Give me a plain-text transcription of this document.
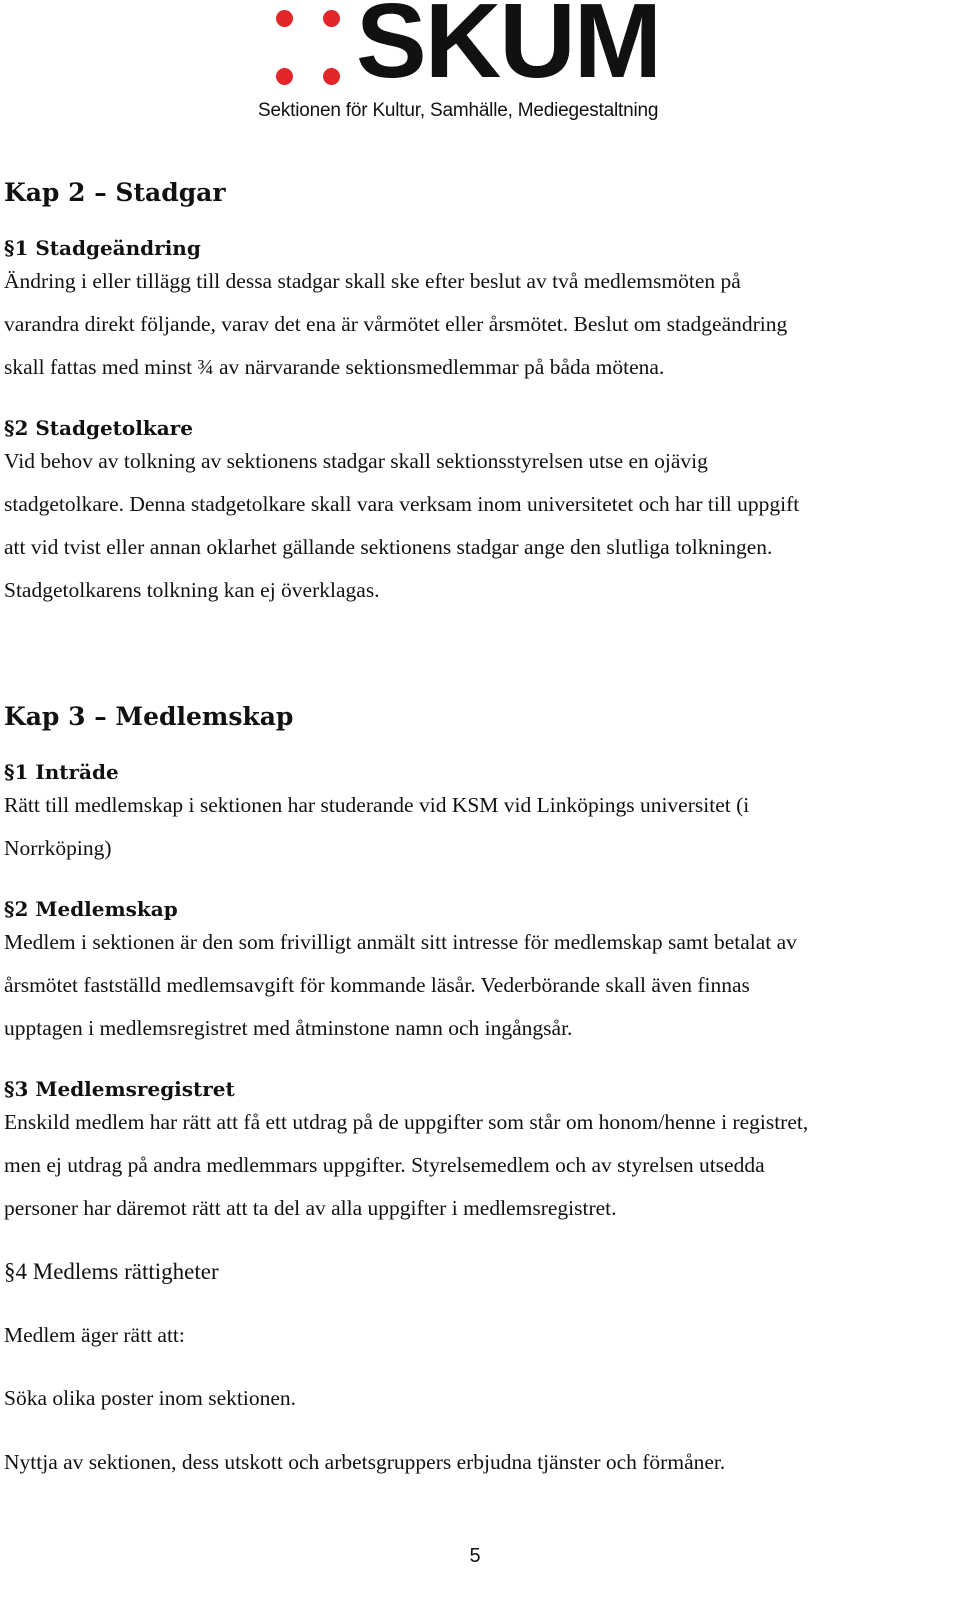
SKUM
Sektionen för Kultur, Samhälle, Mediegestaltning
Kap 2 – Stadgar
§1 Stadgeändring

Ändring i eller tillägg till dessa stadgar skall ske efter beslut av två medlemsmöten på
varandra direkt följande, varav det ena är vårmötet eller årsmötet. Beslut om stadgeändring
skall fattas med minst ¾ av närvarande sektionsmedlemmar på båda mötena.

§2 Stadgetolkare

Vid behov av tolkning av sektionens stadgar skall sektionsstyrelsen utse en ojävig
stadgetolkare. Denna stadgetolkare skall vara verksam inom universitetet och har till uppgift
att vid tvist eller annan oklarhet gällande sektionens stadgar ange den slutliga tolkningen.
Stadgetolkarens tolkning kan ej överklagas.

Kap 3 – Medlemskap
§1 Inträde

Rätt till medlemskap i sektionen har studerande vid KSM vid Linköpings universitet (i
Norrköping)

§2 Medlemskap

Medlem i sektionen är den som frivilligt anmält sitt intresse för medlemskap samt betalat av
årsmötet fastställd medlemsavgift för kommande läsår. Vederbörande skall även finnas
upptagen i medlemsregistret med åtminstone namn och ingångsår.

§3 Medlemsregistret

Enskild medlem har rätt att få ett utdrag på de uppgifter som står om honom/henne i registret,
men ej utdrag på andra medlemmars uppgifter. Styrelsemedlem och av styrelsen utsedda
personer har däremot rätt att ta del av alla uppgifter i medlemsregistret.

§4 Medlems rättigheter

Medlem äger rätt att:

Söka olika poster inom sektionen.

Nyttja av sektionen, dess utskott och arbetsgruppers erbjudna tjänster och förmåner.

5
